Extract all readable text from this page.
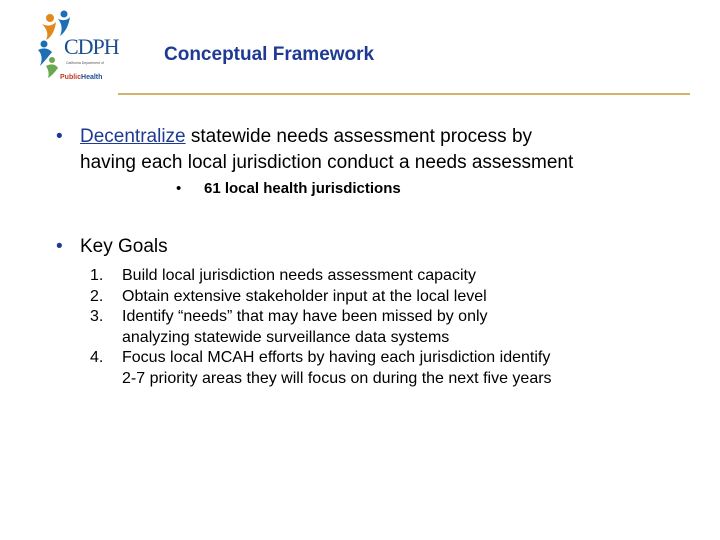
CDPH
California Department of
PublicHealth
Conceptual Framework
• Decentralize statewide needs assessment process by
having each local jurisdiction conduct a needs assessment
• 61 local health jurisdictions
• Key Goals
1. Build local jurisdiction needs assessment capacity
2. Obtain extensive stakeholder input at the local level
3. Identify “needs” that may have been missed by only
analyzing statewide surveillance data systems
4. Focus local MCAH efforts by having each jurisdiction identify
2-7 priority areas they will focus on during the next five years
